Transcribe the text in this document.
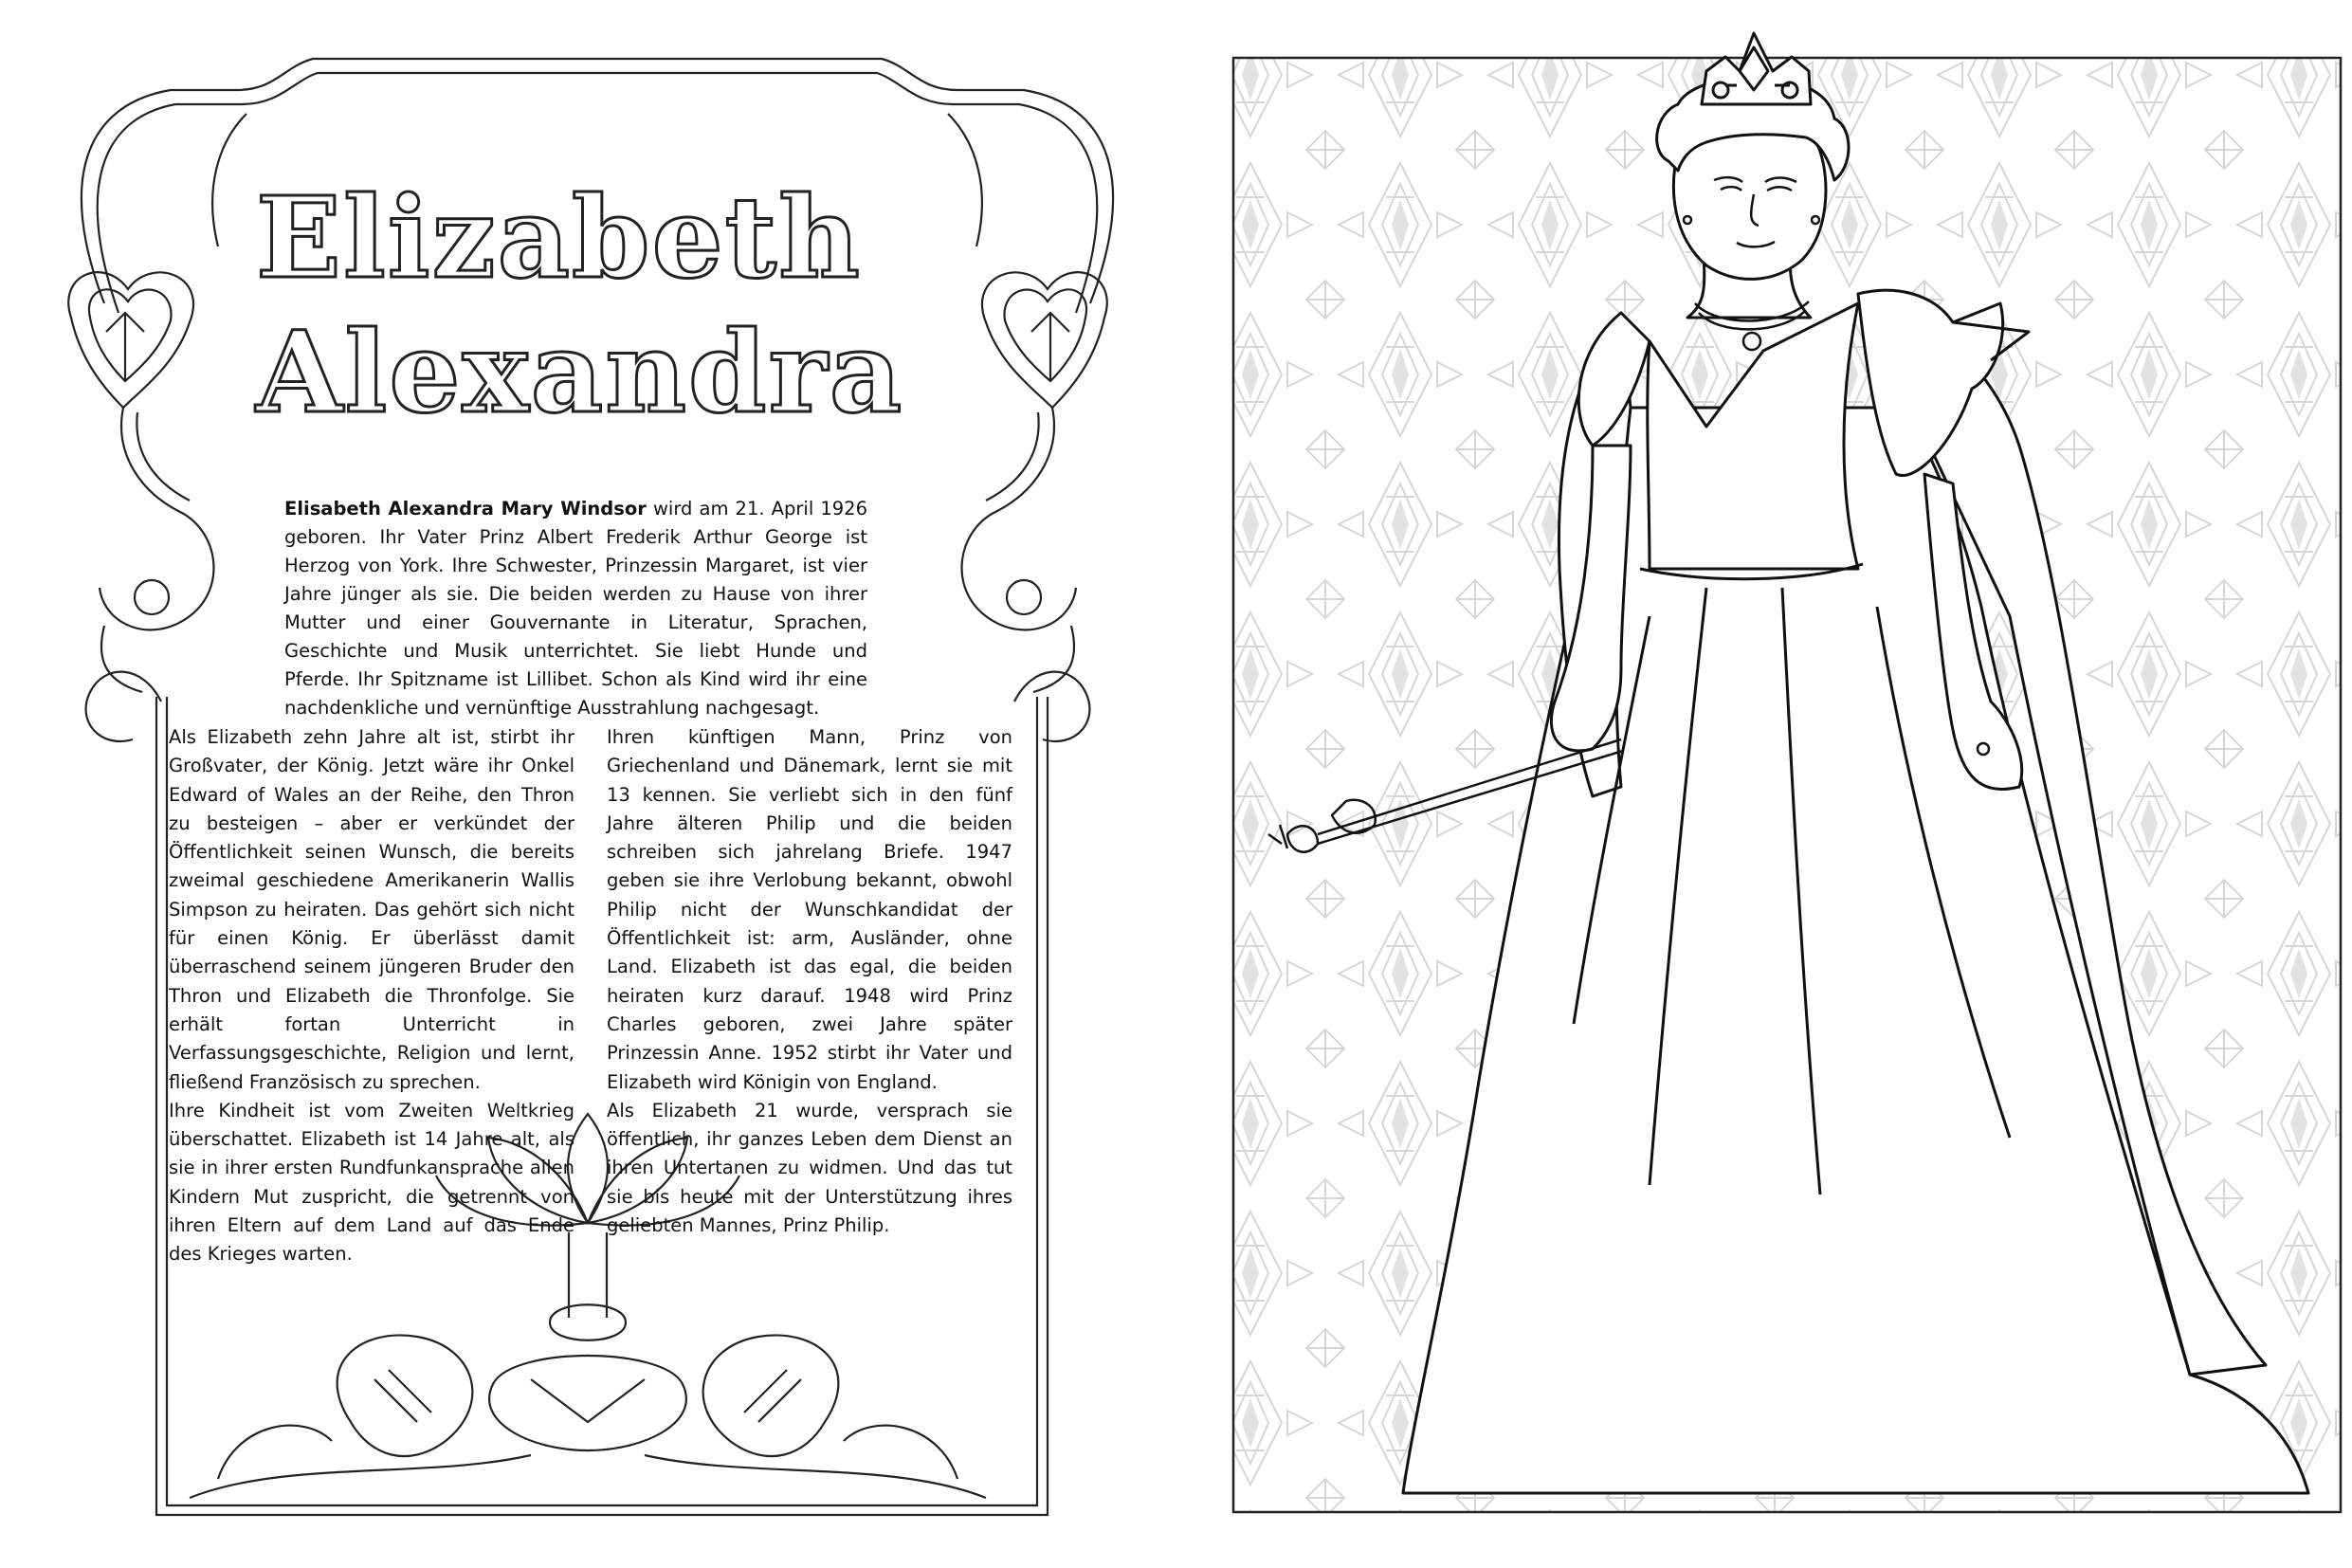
Elizabeth
Alexandra

Elisabeth Alexandra Mary Windsor wird am 21. April 1926 geboren. Ihr Vater Prinz Albert Frederik Arthur George ist Herzog von York. Ihre Schwester, Prinzessin Margaret, ist vier Jahre jünger als sie. Die beiden werden zu Hause von ihrer Mutter und einer Gouvernante in Literatur, Sprachen, Geschichte und Musik unterrichtet. Sie liebt Hunde und Pferde. Ihr Spitzname ist Lillibet. Schon als Kind wird ihr eine nachdenkliche und vernünftige Ausstrahlung nachgesagt.

Als Elizabeth zehn Jahre alt ist, stirbt ihr Großvater, der König. Jetzt wäre ihr Onkel Edward of Wales an der Reihe, den Thron zu besteigen – aber er verkündet der Öffentlichkeit seinen Wunsch, die bereits zweimal geschiedene Amerikanerin Wallis Simpson zu heiraten. Das gehört sich nicht für einen König. Er überlässt damit überraschend seinem jüngeren Bruder den Thron und Elizabeth die Thronfolge. Sie erhält fortan Unterricht in Verfassungsgeschichte, Religion und lernt, fließend Französisch zu sprechen.

Ihre Kindheit ist vom Zweiten Weltkrieg überschattet. Elizabeth ist 14 Jahre alt, als sie in ihrer ersten Rundfunkansprache allen Kindern Mut zuspricht, die getrennt von ihren Eltern auf dem Land auf das Ende des Krieges warten.

Ihren künftigen Mann, Prinz von Griechenland und Dänemark, lernt sie mit 13 kennen. Sie verliebt sich in den fünf Jahre älteren Philip und die beiden schreiben sich jahrelang Briefe. 1947 geben sie ihre Verlobung bekannt, obwohl Philip nicht der Wunschkandidat der Öffentlichkeit ist: arm, Ausländer, ohne Land. Elizabeth ist das egal, die beiden heiraten kurz darauf. 1948 wird Prinz Charles geboren, zwei Jahre später Prinzessin Anne. 1952 stirbt ihr Vater und Elizabeth wird Königin von England.

Als Elizabeth 21 wurde, versprach sie öffentlich, ihr ganzes Leben dem Dienst an ihren Untertanen zu widmen. Und das tut sie bis heute mit der Unterstützung ihres geliebten Mannes, Prinz Philip.
